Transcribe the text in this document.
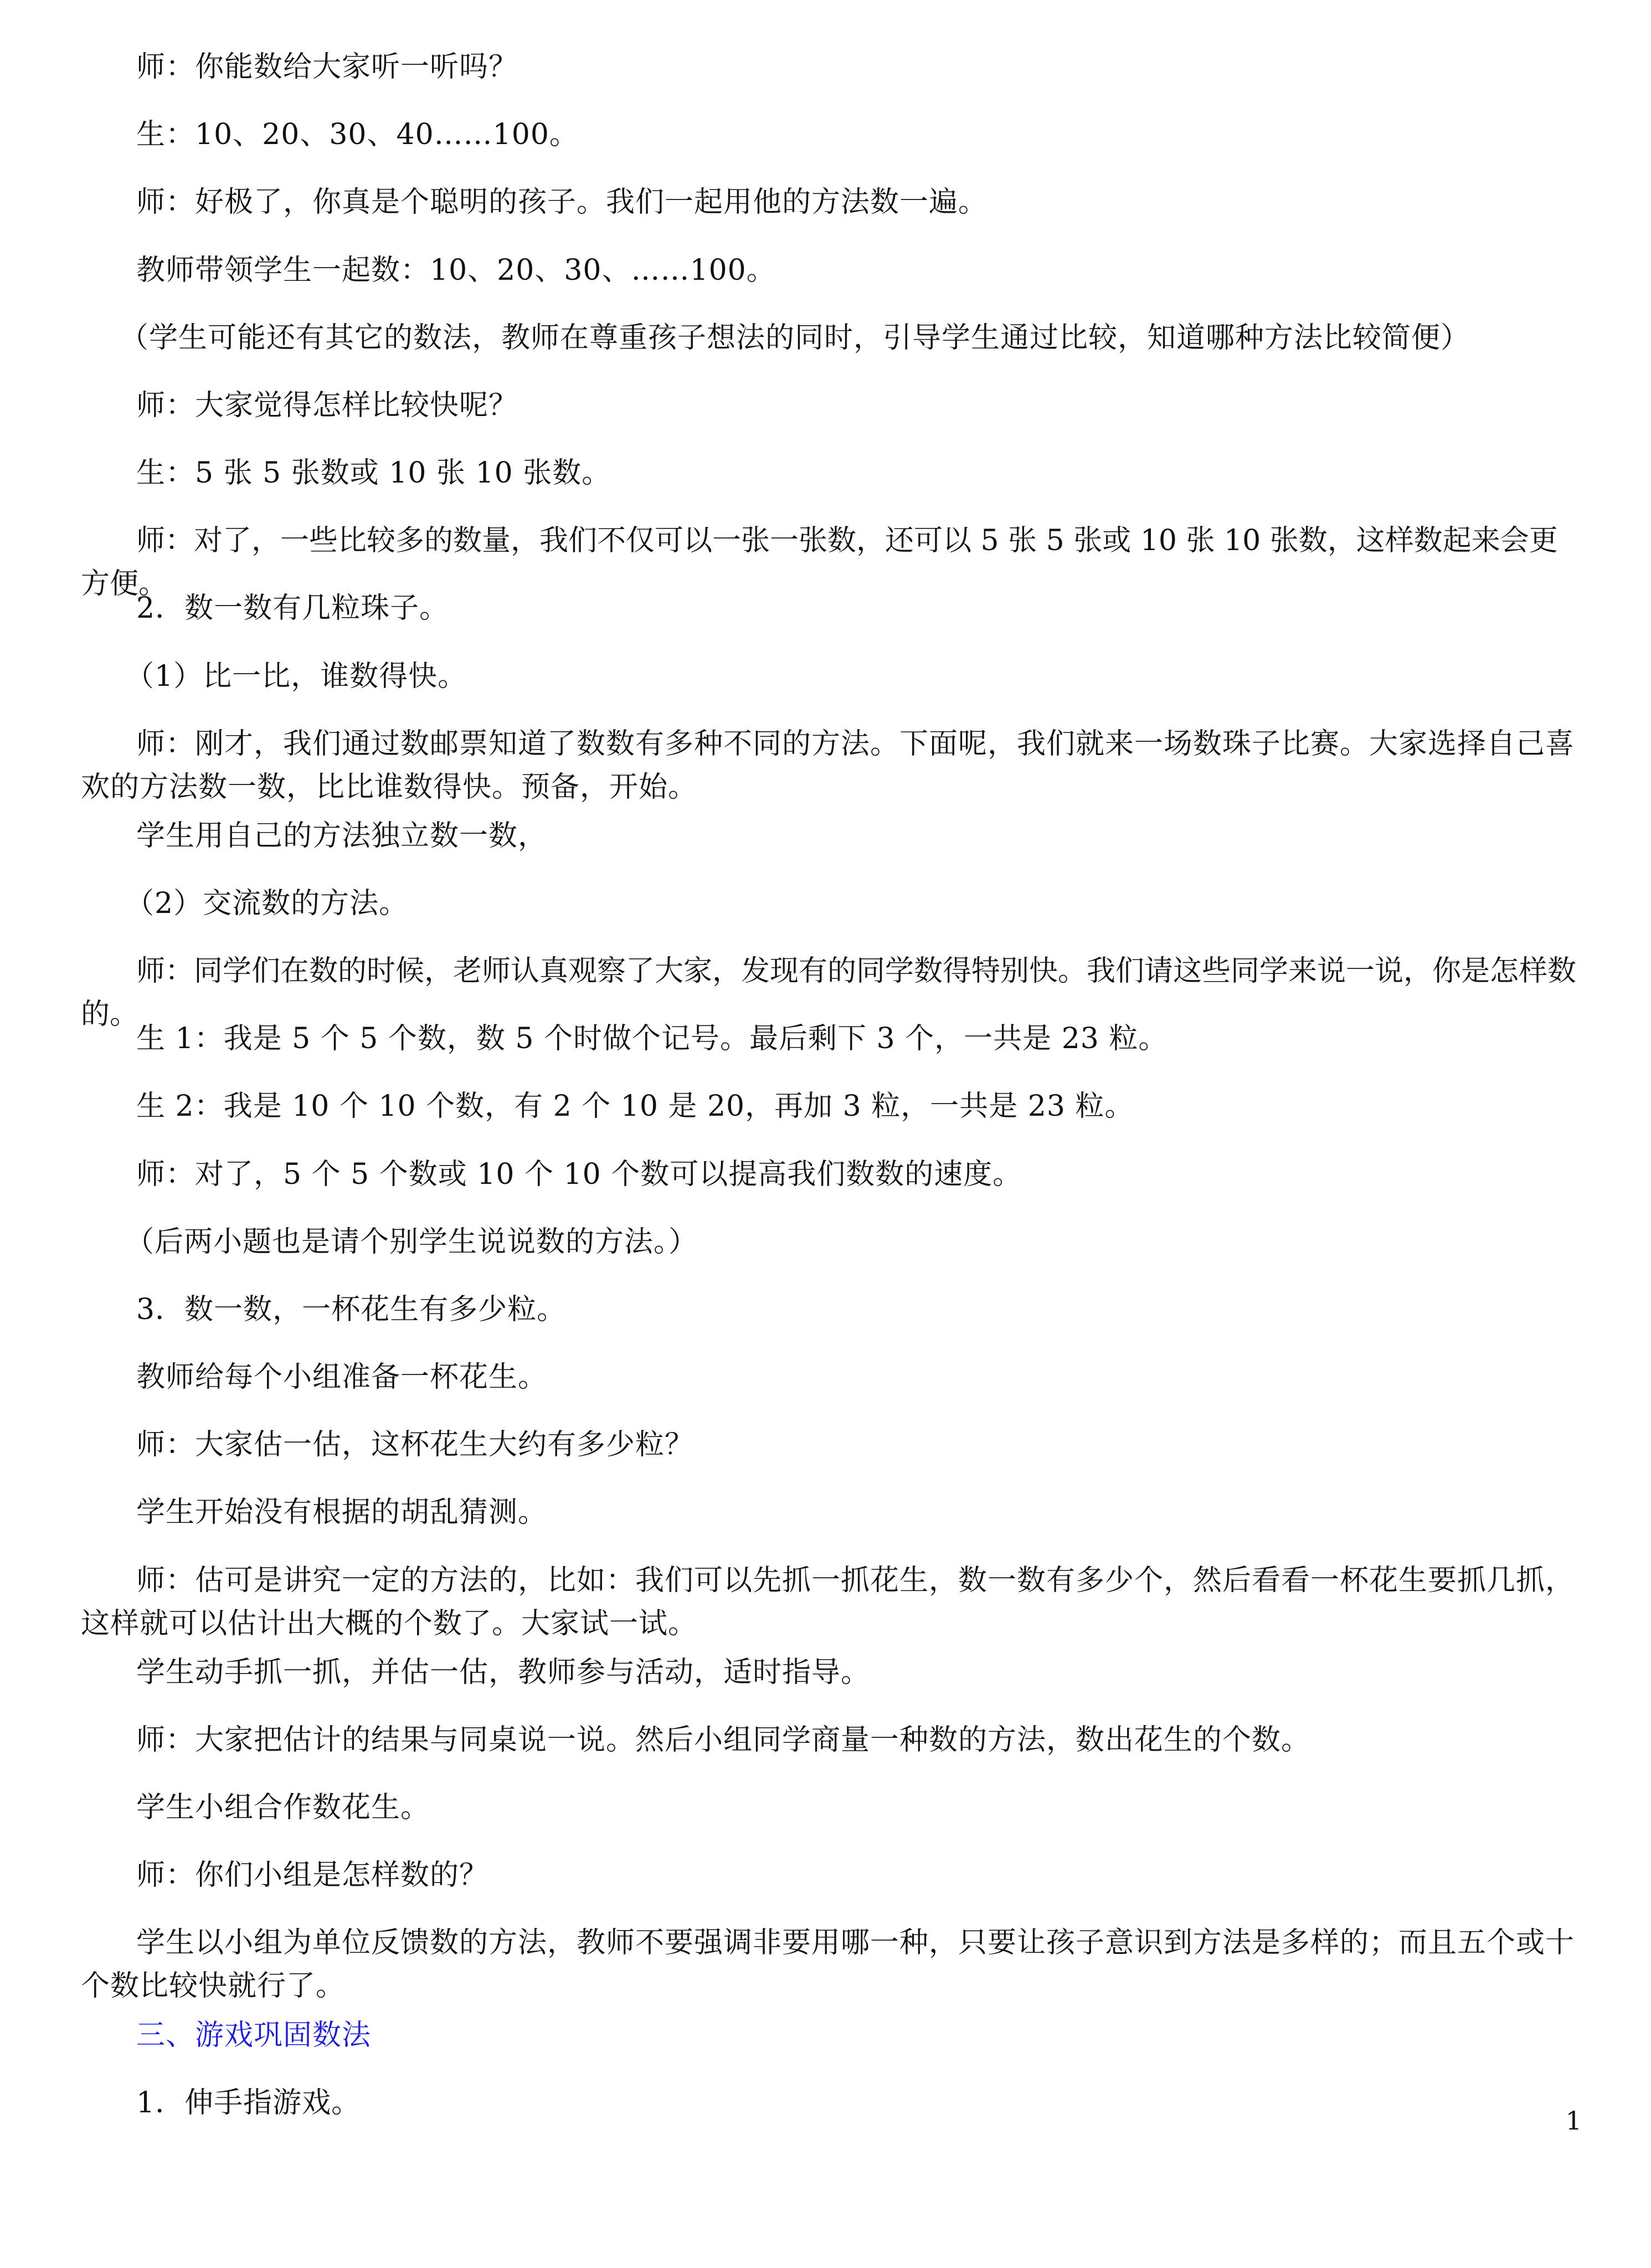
师：你能数给大家听一听吗？

生：10、20、30、40……100。

师：好极了，你真是个聪明的孩子。我们一起用他的方法数一遍。

教师带领学生一起数：10、20、30、……100。

（学生可能还有其它的数法，教师在尊重孩子想法的同时，引导学生通过比较，知道哪种方法比较简便）

师：大家觉得怎样比较快呢？

生：5 张 5 张数或 10 张 10 张数。

师：对了，一些比较多的数量，我们不仅可以一张一张数，还可以 5 张 5 张或 10 张 10 张数，这样数起来会更方便。

2．数一数有几粒珠子。

（1）比一比，谁数得快。

师：刚才，我们通过数邮票知道了数数有多种不同的方法。下面呢，我们就来一场数珠子比赛。大家选择自己喜欢的方法数一数，比比谁数得快。预备，开始。

学生用自己的方法独立数一数，

（2）交流数的方法。

师：同学们在数的时候，老师认真观察了大家，发现有的同学数得特别快。我们请这些同学来说一说，你是怎样数的。

生 1：我是 5 个 5 个数，数 5 个时做个记号。最后剩下 3 个，一共是 23 粒。

生 2：我是 10 个 10 个数，有 2 个 10 是 20，再加 3 粒，一共是 23 粒。

师：对了，5 个 5 个数或 10 个 10 个数可以提高我们数数的速度。

（后两小题也是请个别学生说说数的方法。）

3．数一数，一杯花生有多少粒。

教师给每个小组准备一杯花生。

师：大家估一估，这杯花生大约有多少粒？

学生开始没有根据的胡乱猜测。

师：估可是讲究一定的方法的，比如：我们可以先抓一抓花生，数一数有多少个，然后看看一杯花生要抓几抓，这样就可以估计出大概的个数了。大家试一试。

学生动手抓一抓，并估一估，教师参与活动，适时指导。

师：大家把估计的结果与同桌说一说。然后小组同学商量一种数的方法，数出花生的个数。

学生小组合作数花生。

师：你们小组是怎样数的？

学生以小组为单位反馈数的方法，教师不要强调非要用哪一种，只要让孩子意识到方法是多样的；而且五个或十个数比较快就行了。

三、游戏巩固数法

1．伸手指游戏。

1
